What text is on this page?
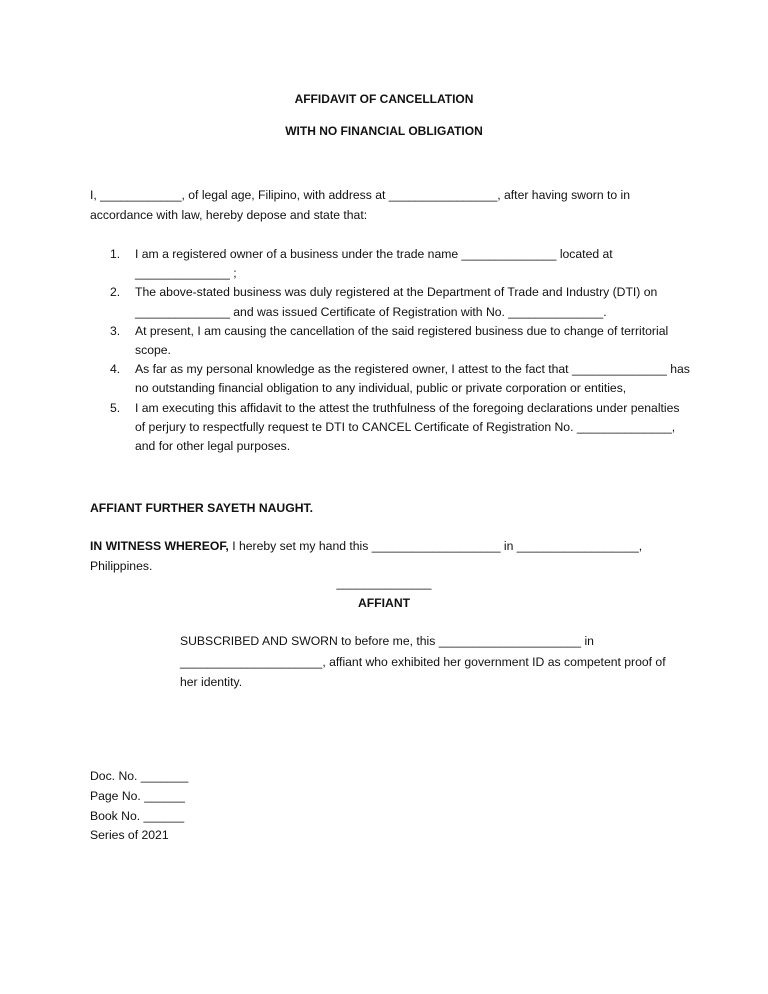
AFFIDAVIT OF CANCELLATION
WITH NO FINANCIAL OBLIGATION

I, ____________, of legal age, Filipino, with address at ________________, after having sworn to in accordance with law, hereby depose and state that:

1. I am a registered owner of a business under the trade name ______________ located at ______________ ;
2. The above-stated business was duly registered at the Department of Trade and Industry (DTI) on ______________ and was issued Certificate of Registration with No. ______________.
3. At present, I am causing the cancellation of the said registered business due to change of territorial scope.
4. As far as my personal knowledge as the registered owner, I attest to the fact that ______________ has no outstanding financial obligation to any individual, public or private corporation or entities,
5. I am executing this affidavit to the attest the truthfulness of the foregoing declarations under penalties of perjury to respectfully request te DTI to CANCEL Certificate of Registration No. ______________, and for other legal purposes.

AFFIANT FURTHER SAYETH NAUGHT.

IN WITNESS WHEREOF, I hereby set my hand this ___________________ in __________________, Philippines.

______________
AFFIANT

SUBSCRIBED AND SWORN to before me, this _____________________ in _____________________, affiant who exhibited her government ID as competent proof of her identity.

Doc. No. _______
Page No. ______
Book No. ______
Series of 2021
